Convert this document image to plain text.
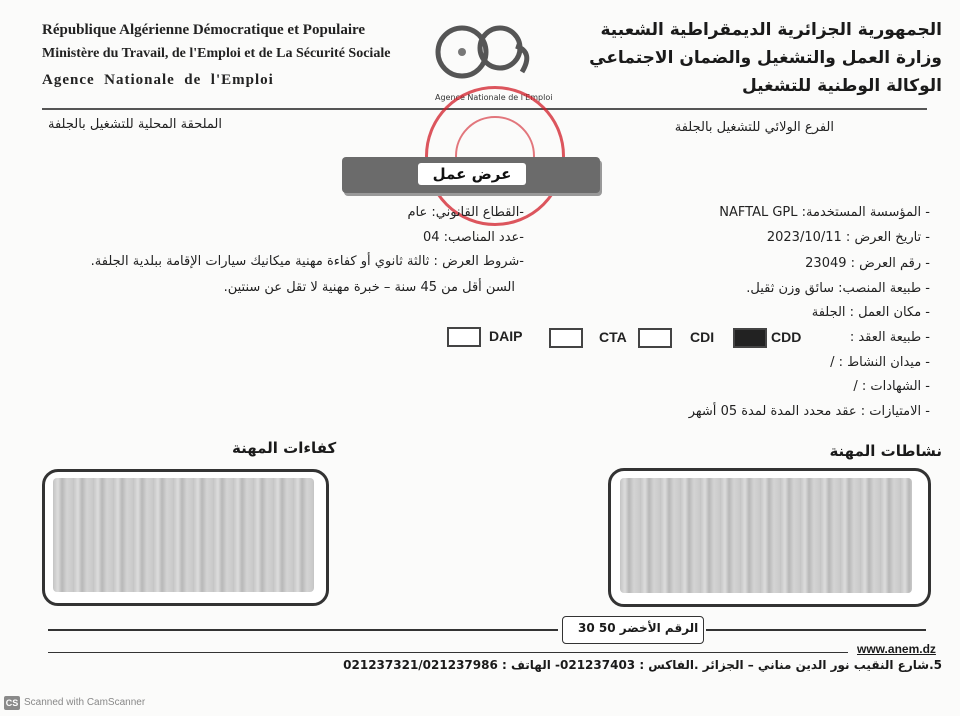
République Algérienne Démocratique et Populaire
Ministère du Travail, de l'Emploi et de La Sécurité Sociale
Agence  Nationale  de  l'Emploi
الجمهورية الجزائرية الديمقراطية الشعبية
وزارة العمل والتشغيل والضمان الاجتماعي
الوكالة الوطنية للتشغيل
Agence Nationale de l'Emploi
الملحقة المحلية للتشغيل بالجلفة	الفرع الولائي للتشغيل بالجلفة
عرض عمل
-القطاع القانوني: عام
-عدد المناصب: 04
-شروط العرض : ثالثة ثانوي أو كفاءة مهنية ميكانيك سيارات الإقامة ببلدية الجلفة.
السن أقل من 45 سنة – خبرة مهنية لا تقل عن سنتين.
- المؤسسة المستخدمة: NAFTAL GPL
- تاريخ العرض : 2023/10/11
- رقم العرض : 23049
- طبيعة المنصب: سائق وزن ثقيل.
- مكان العمل : الجلفة
- طبيعة العقد :
- ميدان النشاط : /
- الشهادات : /
- الامتيازات : عقد محدد المدة لمدة 05 أشهر
DAIP	CTA	CDI	CDD
كفاءات المهنة	نشاطات المهنة
الرقم الأخضر 50 30
www.anem.dz
5.شارع النقيب نور الدين مناني – الجزائر .الفاكس : 021237403- الهاتف : 021237321/021237986
CS Scanned with CamScanner
